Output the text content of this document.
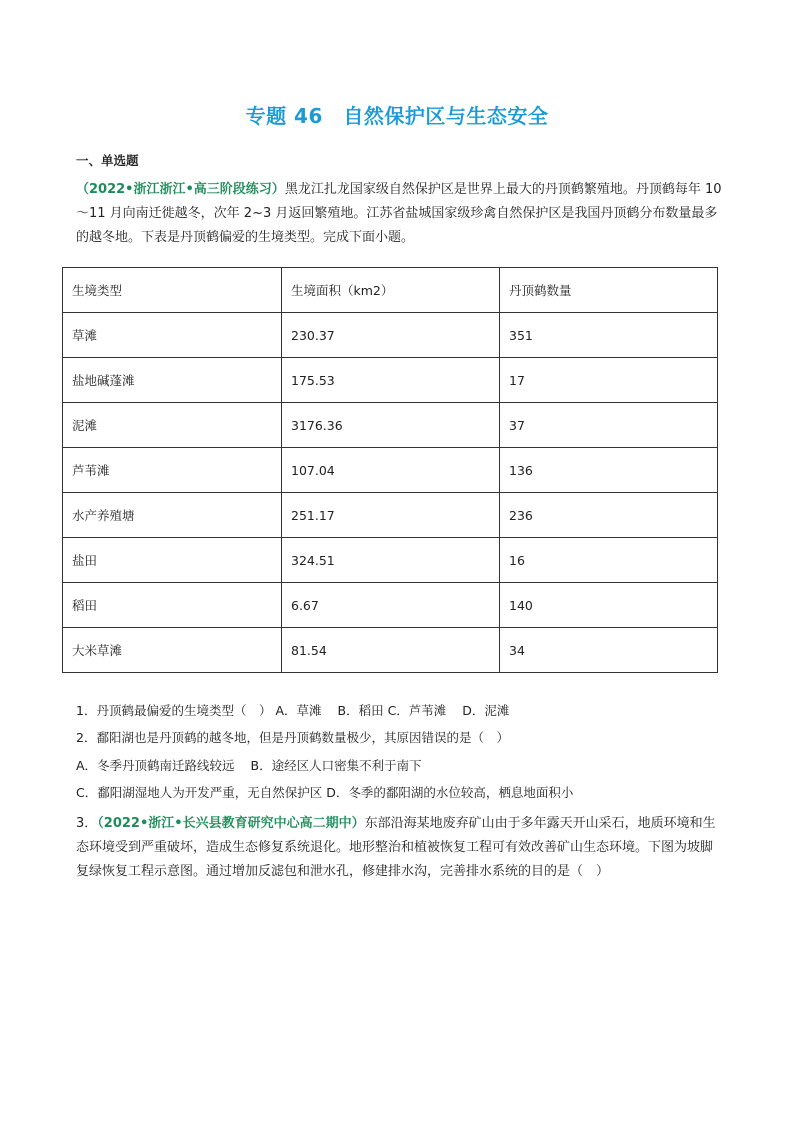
专题 46　自然保护区与生态安全
一、单选题
（2022•浙江浙江•高三阶段练习）黑龙江扎龙国家级自然保护区是世界上最大的丹顶鹤繁殖地。丹顶鹤每年 10～11 月向南迁徙越冬，次年 2~3 月返回繁殖地。江苏省盐城国家级珍禽自然保护区是我国丹顶鹤分布数量最多的越冬地。下表是丹顶鹤偏爱的生境类型。完成下面小题。
生境类型	生境面积（km2）	丹顶鹤数量
草滩	230.37	351
盐地碱蓬滩	175.53	17
泥滩	3176.36	37
芦苇滩	107.04	136
水产养殖塘	251.17	236
盐田	324.51	16
稻田	6.67	140
大米草滩	81.54	34
1．丹顶鹤最偏爱的生境类型（　） A．草滩 B．稻田 C．芦苇滩 D．泥滩
2．鄱阳湖也是丹顶鹤的越冬地，但是丹顶鹤数量极少，其原因错误的是（　）
A．冬季丹顶鹤南迁路线较远 B．途经区人口密集不利于南下
C．鄱阳湖湿地人为开发严重，无自然保护区 D．冬季的鄱阳湖的水位较高，栖息地面积小
3．（2022•浙江•长兴县教育研究中心高二期中）东部沿海某地废弃矿山由于多年露天开山采石，地质环境和生态环境受到严重破坏，造成生态修复系统退化。地形整治和植被恢复工程可有效改善矿山生态环境。下图为坡脚复绿恢复工程示意图。通过增加反滤包和泄水孔，修建排水沟，完善排水系统的目的是（　）
